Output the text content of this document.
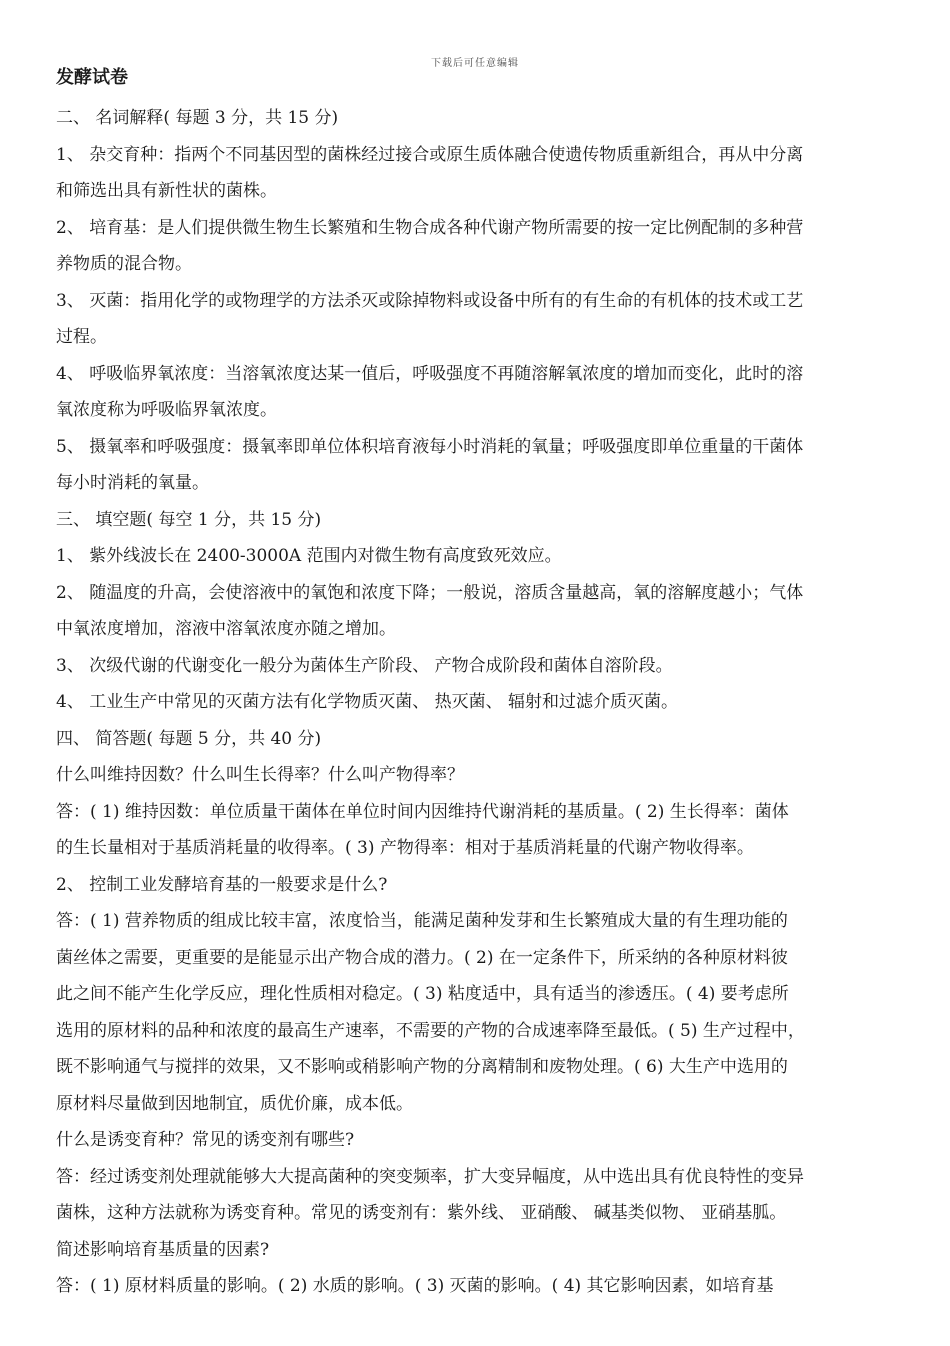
下载后可任意编辑
发酵试卷

二、 名词解释( 每题 3 分，共 15 分)

1、 杂交育种：指两个不同基因型的菌株经过接合或原生质体融合使遗传物质重新组合，再从中分离

和筛选出具有新性状的菌株。

2、 培育基：是人们提供微生物生长繁殖和生物合成各种代谢产物所需要的按一定比例配制的多种营

养物质的混合物。

3、 灭菌：指用化学的或物理学的方法杀灭或除掉物料或设备中所有的有生命的有机体的技术或工艺

过程。

4、 呼吸临界氧浓度：当溶氧浓度达某一值后，呼吸强度不再随溶解氧浓度的增加而变化，此时的溶

氧浓度称为呼吸临界氧浓度。

5、 摄氧率和呼吸强度：摄氧率即单位体积培育液每小时消耗的氧量；呼吸强度即单位重量的干菌体

每小时消耗的氧量。

三、 填空题( 每空 1 分，共 15 分)

1、 紫外线波长在 2400-3000A 范围内对微生物有高度致死效应。

2、 随温度的升高，会使溶液中的氧饱和浓度下降；一般说，溶质含量越高，氧的溶解度越小；气体

中氧浓度增加，溶液中溶氧浓度亦随之增加。

3、 次级代谢的代谢变化一般分为菌体生产阶段、 产物合成阶段和菌体自溶阶段。

4、 工业生产中常见的灭菌方法有化学物质灭菌、 热灭菌、 辐射和过滤介质灭菌。

四、 简答题( 每题 5 分，共 40 分)

什么叫维持因数？什么叫生长得率？什么叫产物得率？

答：( 1) 维持因数：单位质量干菌体在单位时间内因维持代谢消耗的基质量。( 2) 生长得率：菌体

的生长量相对于基质消耗量的收得率。( 3) 产物得率：相对于基质消耗量的代谢产物收得率。

2、 控制工业发酵培育基的一般要求是什么?

答：( 1) 营养物质的组成比较丰富，浓度恰当，能满足菌种发芽和生长繁殖成大量的有生理功能的

菌丝体之需要，更重要的是能显示出产物合成的潜力。( 2) 在一定条件下，所采纳的各种原材料彼

此之间不能产生化学反应，理化性质相对稳定。( 3) 粘度适中，具有适当的渗透压。( 4) 要考虑所

选用的原材料的品种和浓度的最高生产速率，不需要的产物的合成速率降至最低。( 5) 生产过程中，

既不影响通气与搅拌的效果，又不影响或稍影响产物的分离精制和废物处理。( 6) 大生产中选用的

原材料尽量做到因地制宜，质优价廉，成本低。

什么是诱变育种？常见的诱变剂有哪些?

答：经过诱变剂处理就能够大大提高菌种的突变频率，扩大变异幅度，从中选出具有优良特性的变异

菌株，这种方法就称为诱变育种。常见的诱变剂有：紫外线、 亚硝酸、 碱基类似物、 亚硝基胍。

简述影响培育基质量的因素?

答：( 1) 原材料质量的影响。( 2) 水质的影响。( 3) 灭菌的影响。( 4) 其它影响因素，如培育基
